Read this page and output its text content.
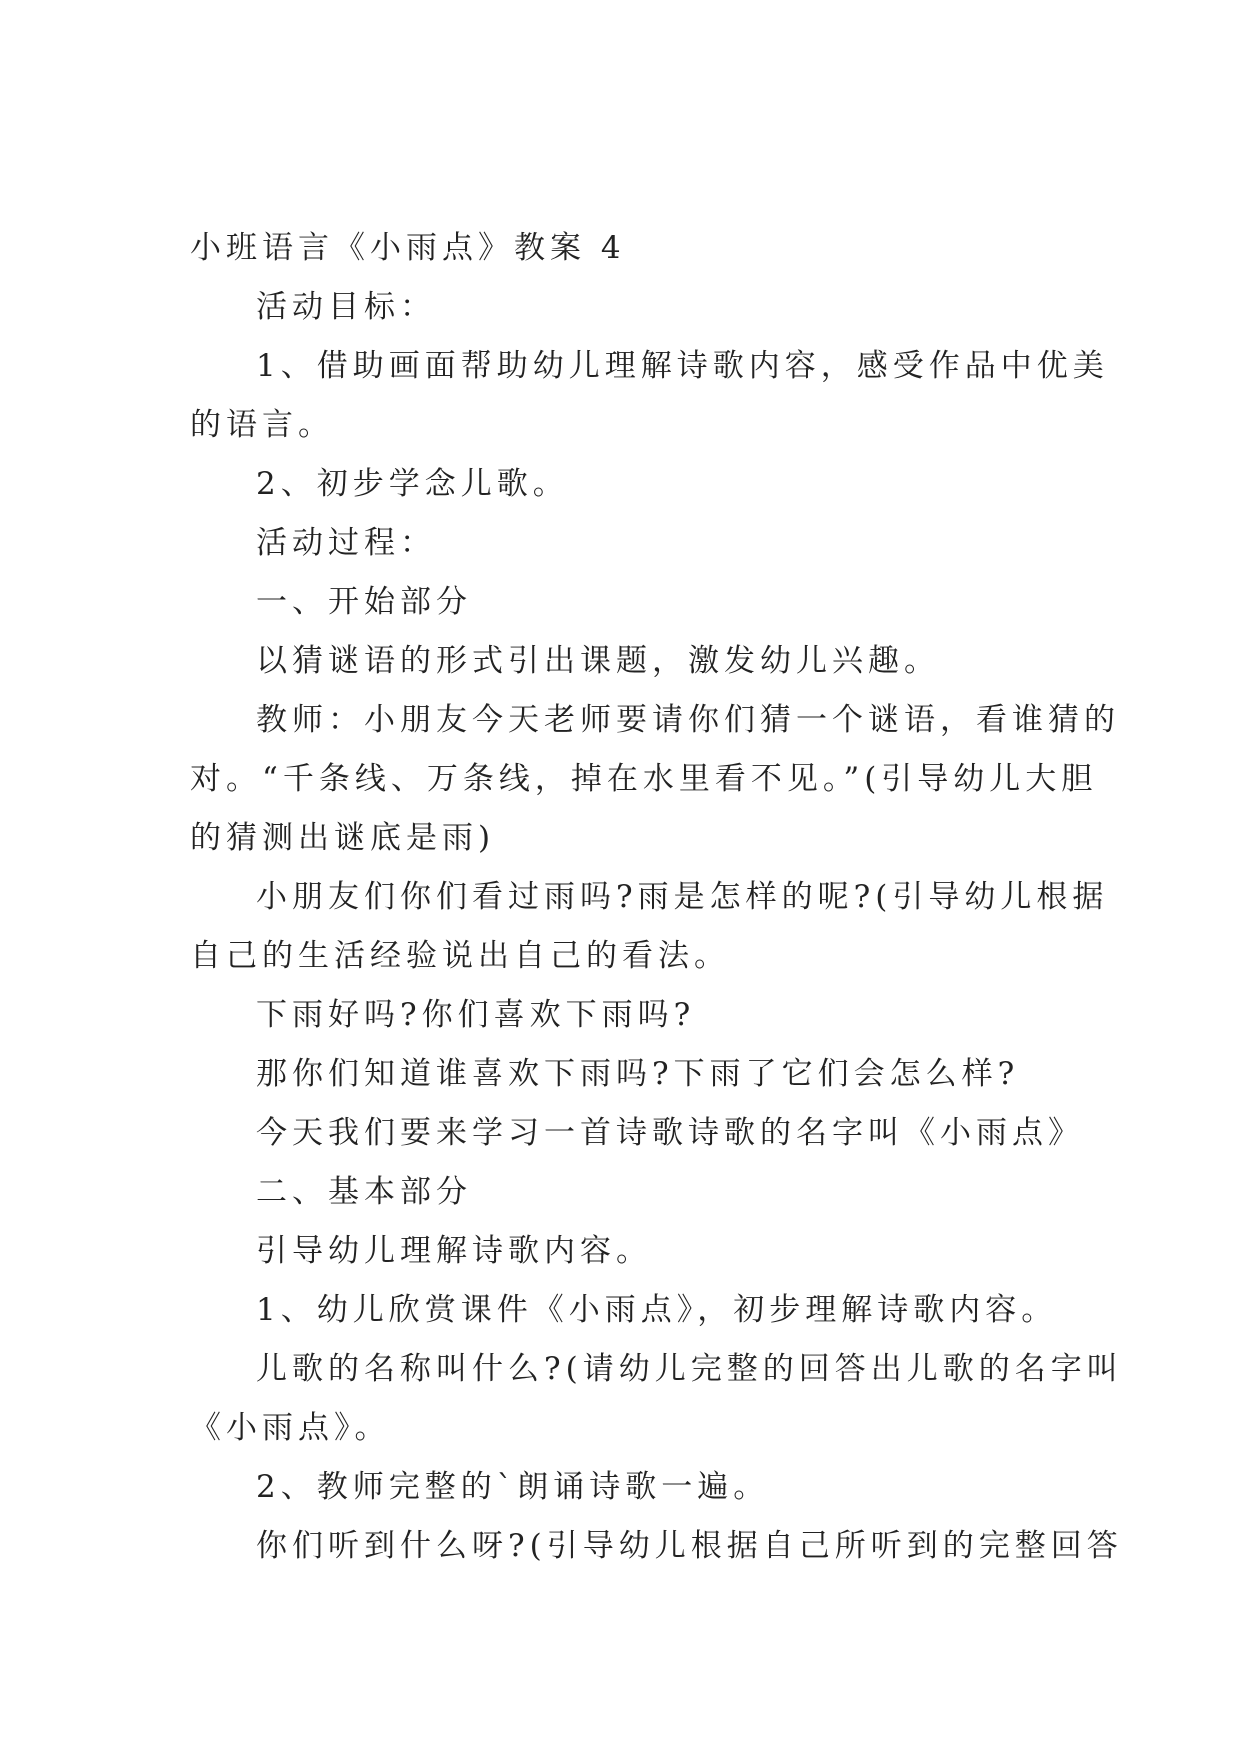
小班语言《小雨点》教案 4
活动目标：
1、借助画面帮助幼儿理解诗歌内容，感受作品中优美
的语言。
2、初步学念儿歌。
活动过程：
一、开始部分
以猜谜语的形式引出课题，激发幼儿兴趣。
教师：小朋友今天老师要请你们猜一个谜语，看谁猜的
对。“千条线、万条线，掉在水里看不见。”(引导幼儿大胆
的猜测出谜底是雨)
小朋友们你们看过雨吗?雨是怎样的呢?(引导幼儿根据
自己的生活经验说出自己的看法。
下雨好吗?你们喜欢下雨吗?
那你们知道谁喜欢下雨吗?下雨了它们会怎么样?
今天我们要来学习一首诗歌诗歌的名字叫《小雨点》
二、基本部分
引导幼儿理解诗歌内容。
1、幼儿欣赏课件《小雨点》，初步理解诗歌内容。
儿歌的名称叫什么?(请幼儿完整的回答出儿歌的名字叫
《小雨点》。
2、教师完整的`朗诵诗歌一遍。
你们听到什么呀?(引导幼儿根据自己所听到的完整回答
